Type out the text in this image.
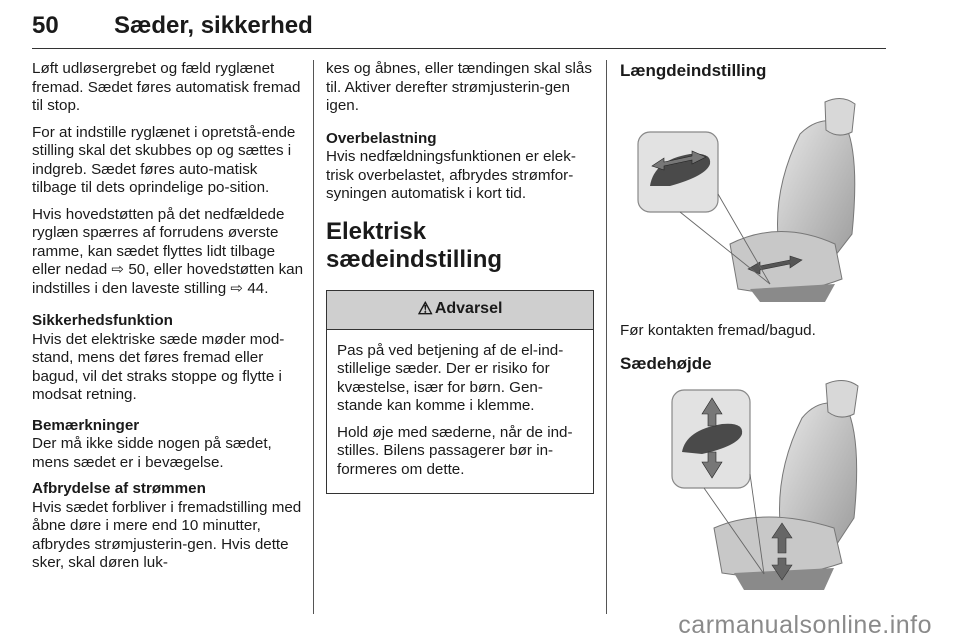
50 Sæder, sikkerhed

Løft udløsergrebet og fæld ryglænet fremad. Sædet føres automatisk fremad til stop.

For at indstille ryglænet i opretstå-ende stilling skal det skubbes op og sættes i indgreb. Sædet føres auto-matisk tilbage til dets oprindelige po-sition.

Hvis hovedstøtten på det nedfældede ryglæn spærres af forrudens øverste ramme, kan sædet flyttes lidt tilbage eller nedad ⇨ 50, eller hovedstøtten kan indstilles i den laveste stilling ⇨ 44.

Sikkerhedsfunktion
Hvis det elektriske sæde møder mod-stand, mens det føres fremad eller bagud, vil det straks stoppe og flytte i modsat retning.

Bemærkninger
Der må ikke sidde nogen på sædet, mens sædet er i bevægelse.

Afbrydelse af strømmen
Hvis sædet forbliver i fremadstilling med åbne døre i mere end 10 minutter, afbrydes strømjusterin-gen. Hvis dette sker, skal døren luk-

kes og åbnes, eller tændingen skal slås til. Aktiver derefter strømjusterin-gen igen.

Overbelastning
Hvis nedfældningsfunktionen er elek-trisk overbelastet, afbrydes strømfor-syningen automatisk i kort tid.

Elektrisk sædeindstilling
⚠ Advarsel

Pas på ved betjening af de el-ind-stillelige sæder. Der er risiko for kvæstelse, især for børn. Gen-stande kan komme i klemme.

Hold øje med sæderne, når de ind-stilles. Bilens passagerer bør in-formeres om dette.

Længdeindstilling

Før kontakten fremad/bagud.

Sædehøjde
carmanualsonline.info
